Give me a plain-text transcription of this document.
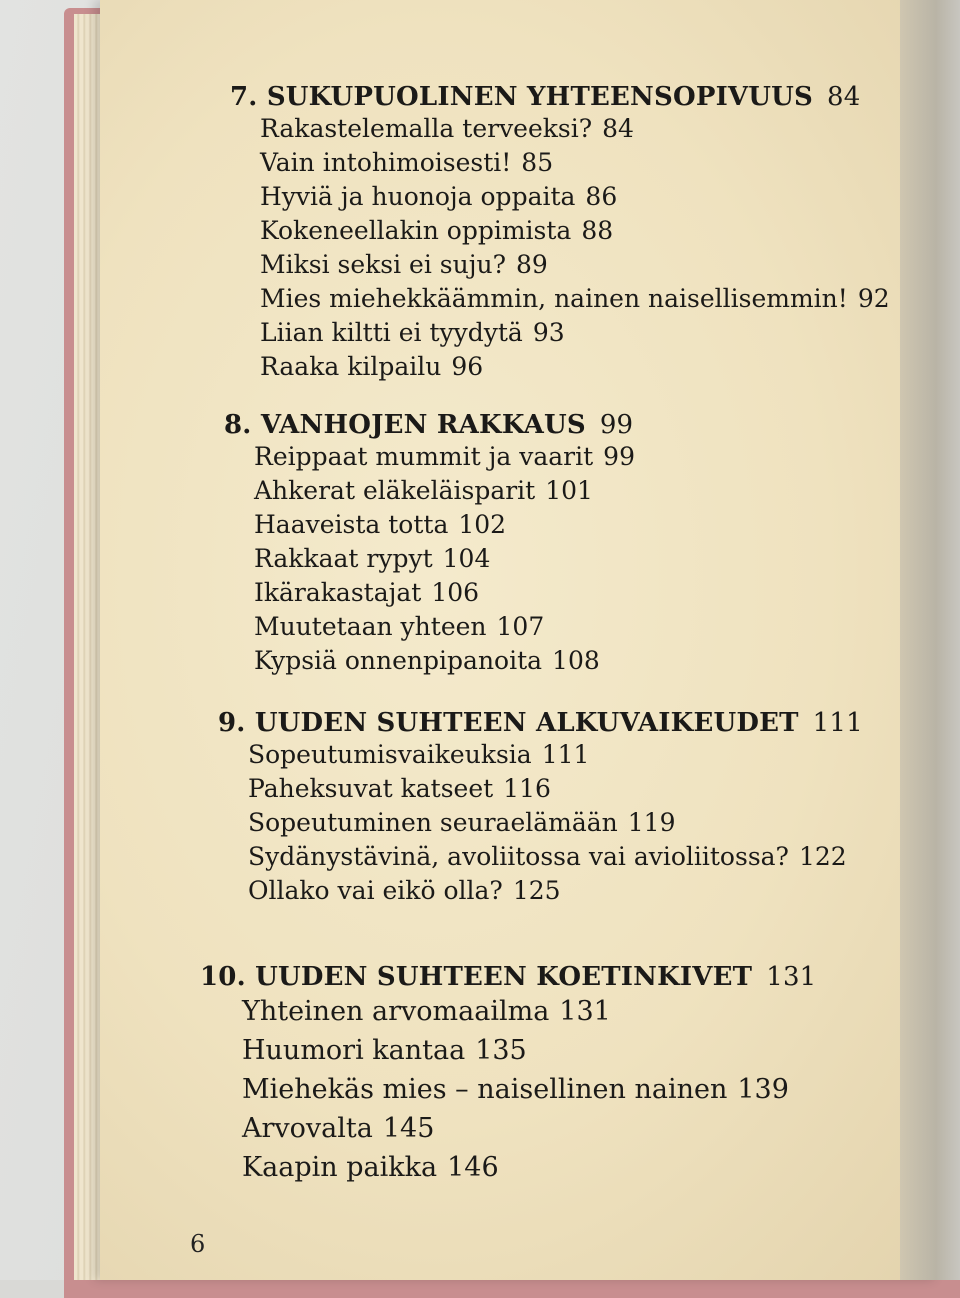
7. SUKUPUOLINEN YHTEENSOPIVUUS 84
Rakastelemalla terveeksi? 84
Vain intohimoisesti! 85
Hyviä ja huonoja oppaita 86
Kokeneellakin oppimista 88
Miksi seksi ei suju? 89
Mies miehekkäämmin, nainen naisellisemmin! 92
Liian kiltti ei tyydytä 93
Raaka kilpailu 96
8. VANHOJEN RAKKAUS 99
Reippaat mummit ja vaarit 99
Ahkerat eläkeläisparit 101
Haaveista totta 102
Rakkaat rypyt 104
Ikärakastajat 106
Muutetaan yhteen 107
Kypsiä onnenpipanoita 108
9. UUDEN SUHTEEN ALKUVAIKEUDET 111
Sopeutumisvaikeuksia 111
Paheksuvat katseet 116
Sopeutuminen seuraelämään 119
Sydänystävinä, avoliitossa vai avioliitossa? 122
Ollako vai eikö olla? 125
10. UUDEN SUHTEEN KOETINKIVET 131
Yhteinen arvomaailma 131
Huumori kantaa 135
Miehekäs mies – naisellinen nainen 139
Arvovalta 145
Kaapin paikka 146
6
